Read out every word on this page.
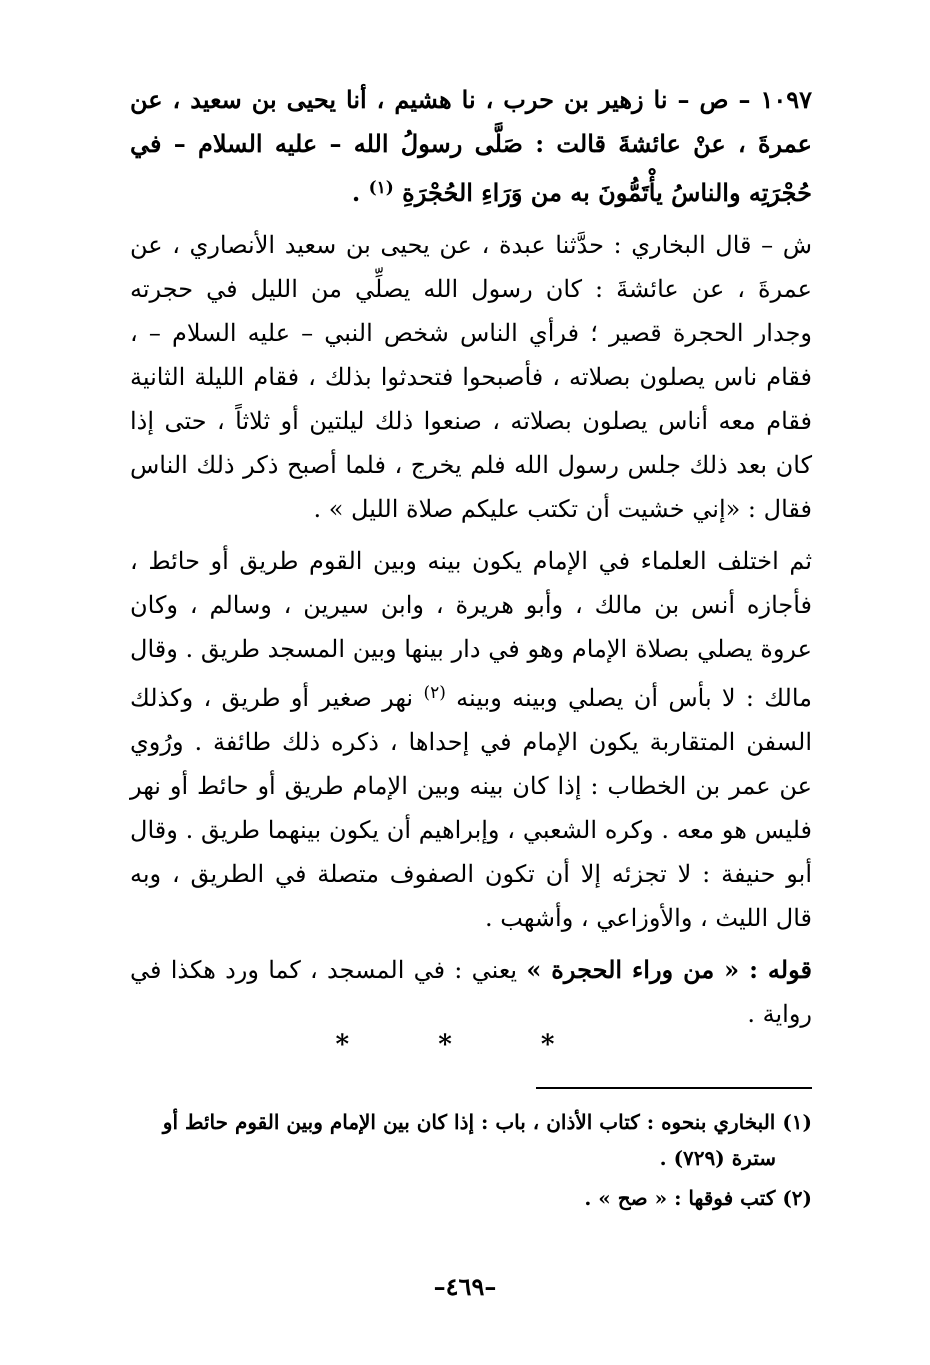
١٠٩٧ – ص – نا زهير بن حرب ، نا هشيم ، أنا يحيى بن سعيد ، عن عمرةَ ، عنْ عائشةَ قالت : صَلَّى رسولُ الله – عليه السلام – في حُجْرَتِه والناسُ يأْتَمُّونَ به من وَرَاءِ الحُجْرَةِ $^{(١)}$ .

ش – قال البخاري : حدَّثنا عبدة ، عن يحيى بن سعيد الأنصاري ، عن عمرةَ ، عن عائشةَ : كان رسول الله يصلِّي من الليل في حجرته وجدار الحجرة قصير ؛ فرأي الناس شخص النبي – عليه السلام – ، فقام ناس يصلون بصلاته ، فأصبحوا فتحدثوا بذلك ، فقام الليلة الثانية فقام معه أناس يصلون بصلاته ، صنعوا ذلك ليلتين أو ثلاثاً ، حتى إذا كان بعد ذلك جلس رسول الله فلم يخرج ، فلما أصبح ذكر ذلك الناس فقال : «إني خشيت أن تكتب عليكم صلاة الليل » .

ثم اختلف العلماء في الإمام يكون بينه وبين القوم طريق أو حائط ، فأجازه أنس بن مالك ، وأبو هريرة ، وابن سيرين ، وسالم ، وكان عروة يصلي بصلاة الإمام وهو في دار بينها وبين المسجد طريق . وقال مالك : لا بأس أن يصلي وبينه وبينه $^{(٢)}$ نهر صغير أو طريق ، وكذلك السفن المتقاربة يكون الإمام في إحداها ، ذكره ذلك طائفة . ورُوي عن عمر بن الخطاب : إذا كان بينه وبين الإمام طريق أو حائط أو نهر فليس هو معه . وكره الشعبي ، وإبراهيم أن يكون بينهما طريق . وقال أبو حنيفة : لا تجزئه إلا أن تكون الصفوف متصلة في الطريق ، وبه قال الليث ، والأوزاعي ، وأشهب .

قوله : « من وراء الحجرة » يعني : في المسجد ، كما ورد هكذا في رواية .

* * *

(١) البخاري بنحوه : كتاب الأذان ، باب : إذا كان بين الإمام وبين القوم حائط أو
سترة (٧٢٩) .

(٢) كتب فوقها : « صح » .

–٤٦٩–
